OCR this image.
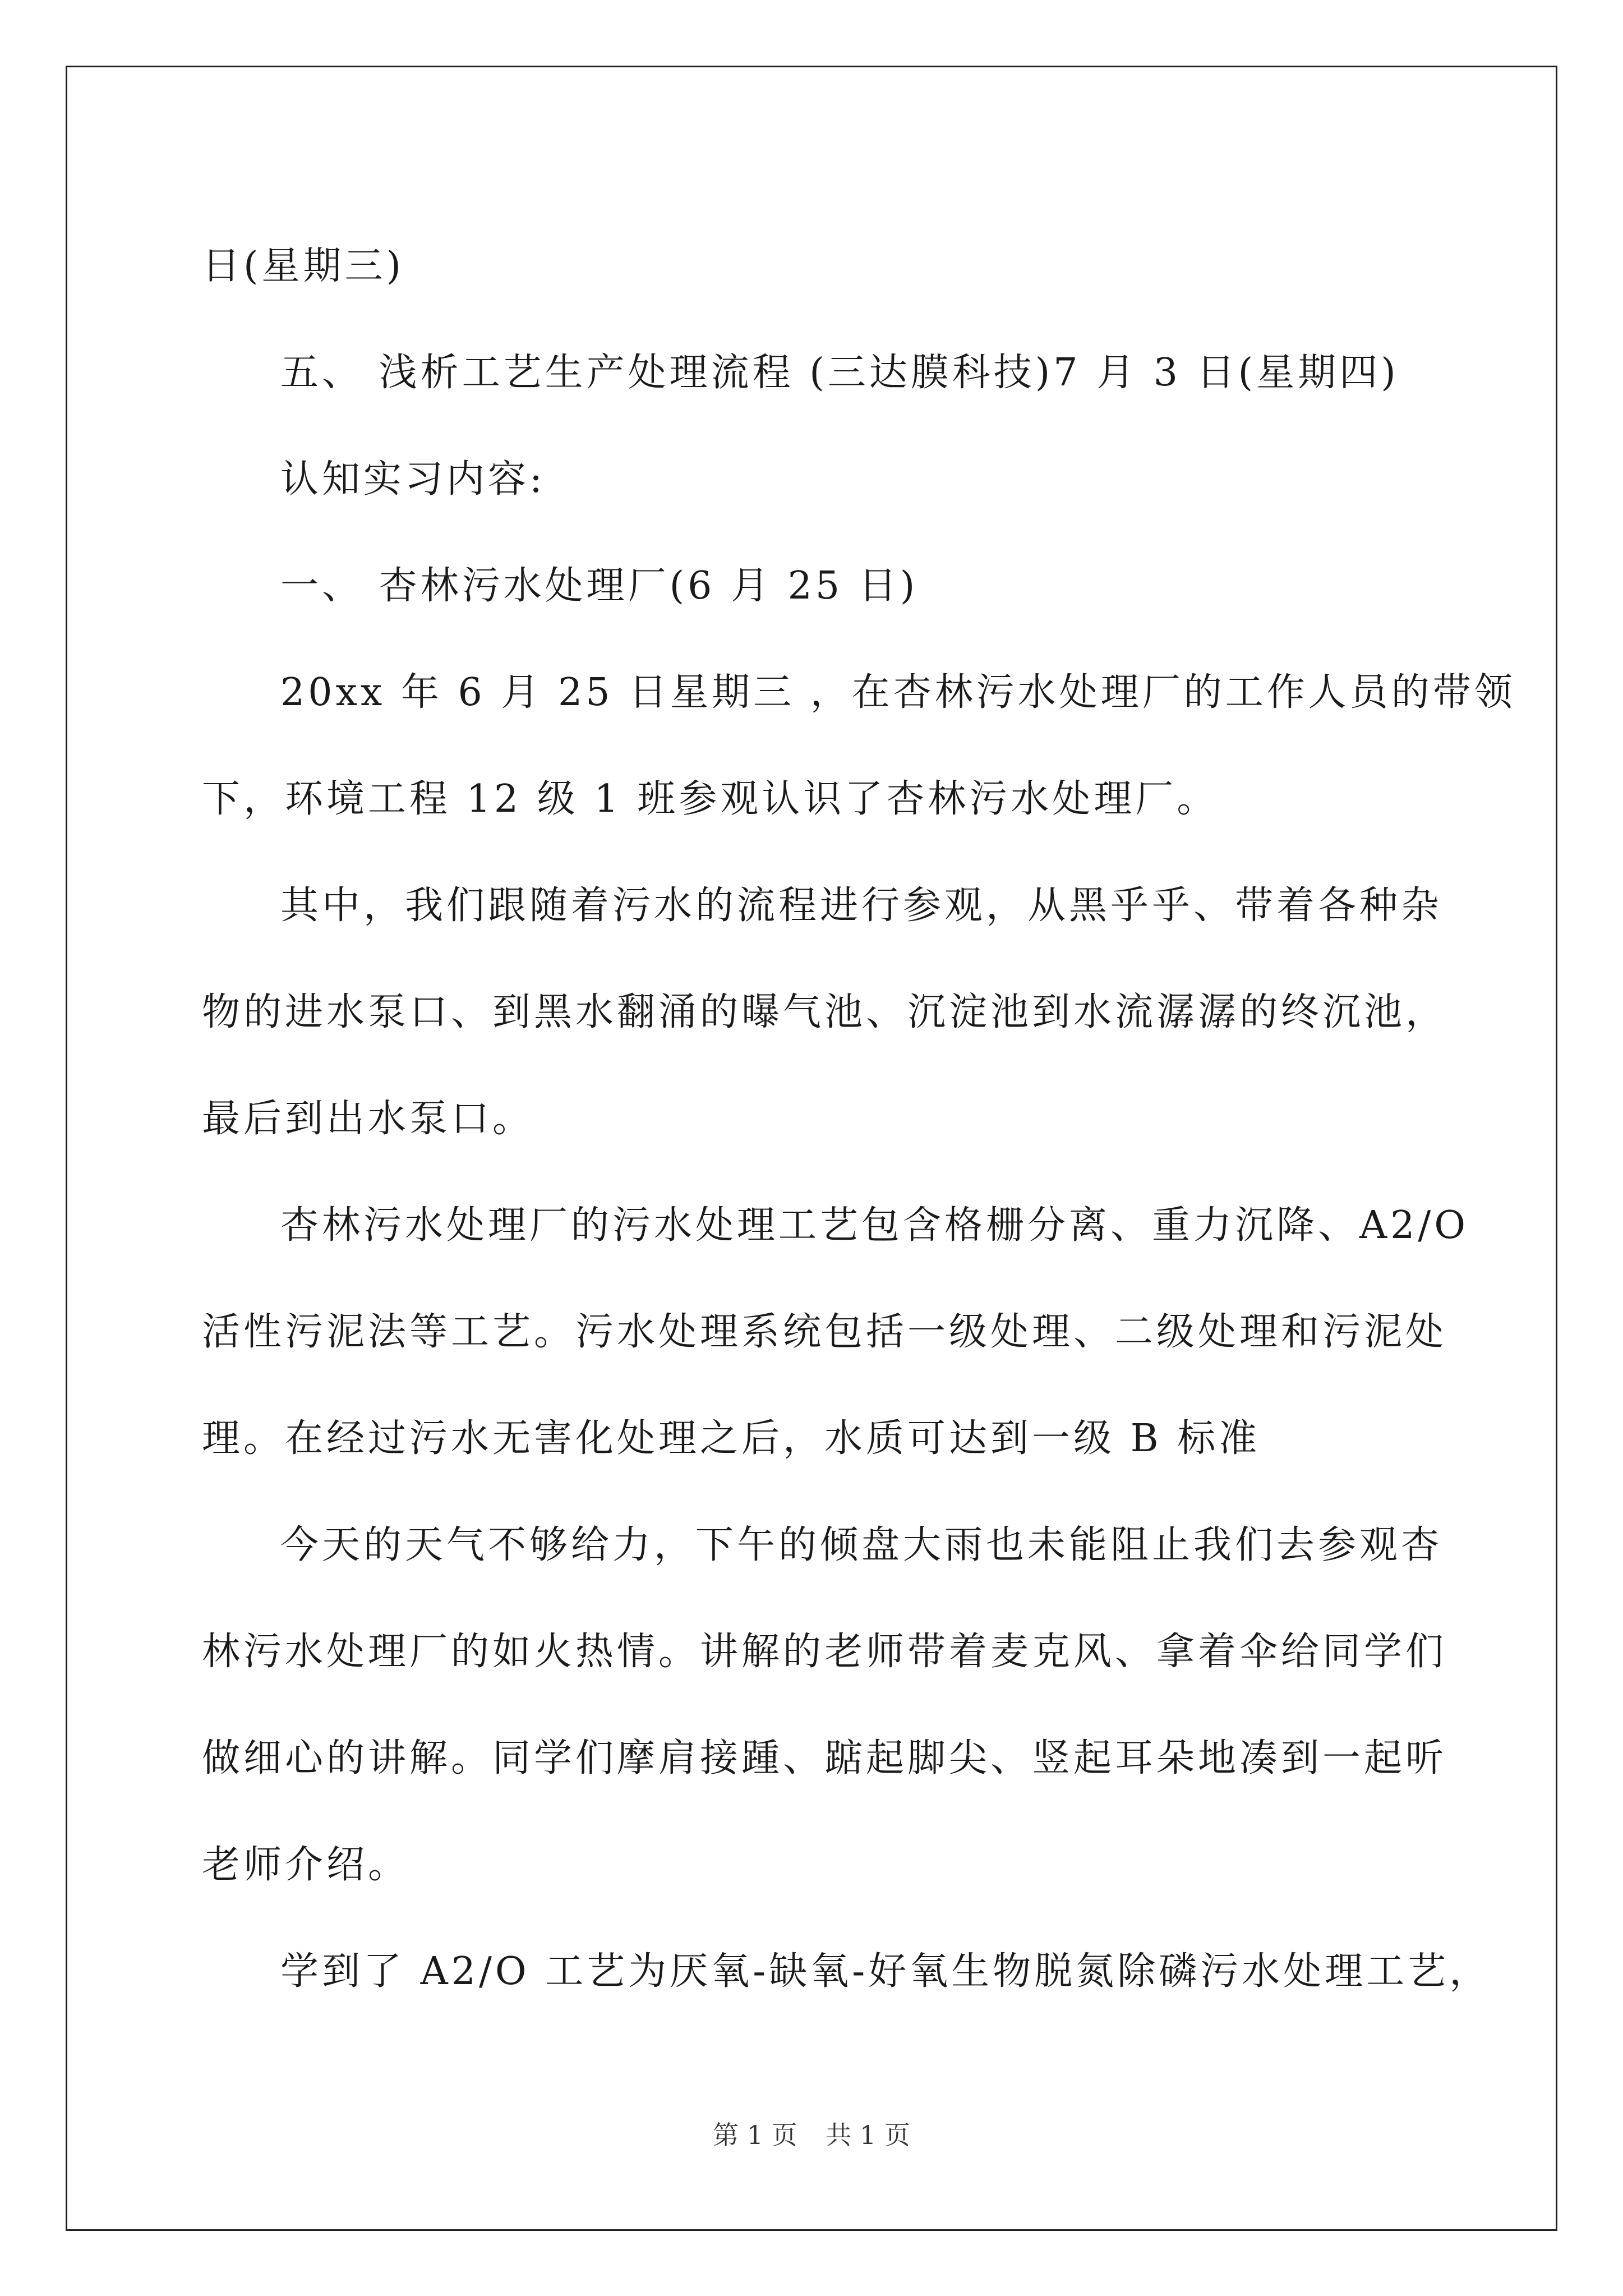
日(星期三)
五、 浅析工艺生产处理流程 (三达膜科技)7 月 3 日(星期四)
认知实习内容:
一、 杏林污水处理厂(6 月 25 日)
20xx 年 6 月 25 日星期三 ，在杏林污水处理厂的工作人员的带领
下，环境工程 12 级 1 班参观认识了杏林污水处理厂。
其中，我们跟随着污水的流程进行参观，从黑乎乎、带着各种杂
物的进水泵口、到黑水翻涌的曝气池、沉淀池到水流潺潺的终沉池，
最后到出水泵口。
杏林污水处理厂的污水处理工艺包含格栅分离、重力沉降、A2/O
活性污泥法等工艺。污水处理系统包括一级处理、二级处理和污泥处
理。在经过污水无害化处理之后，水质可达到一级 B 标准
今天的天气不够给力，下午的倾盘大雨也未能阻止我们去参观杏
林污水处理厂的如火热情。讲解的老师带着麦克风、拿着伞给同学们
做细心的讲解。同学们摩肩接踵、踮起脚尖、竖起耳朵地凑到一起听
老师介绍。
学到了 A2/O 工艺为厌氧-缺氧-好氧生物脱氮除磷污水处理工艺，
第 1 页 共 1 页
